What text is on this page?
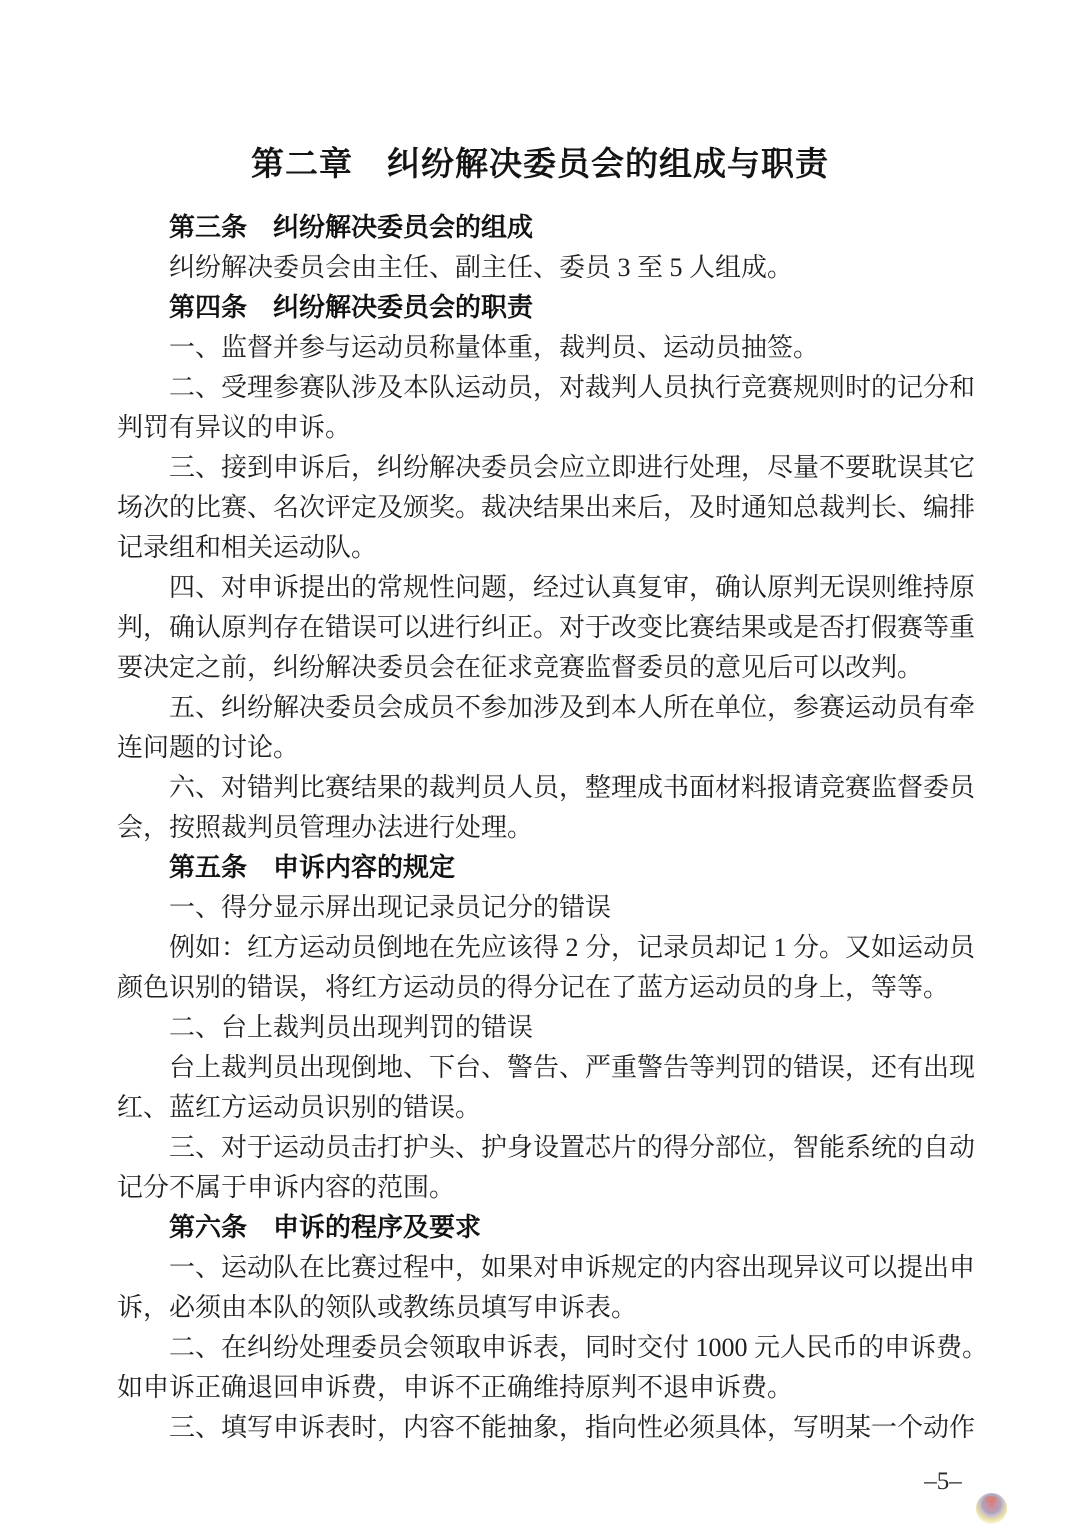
第二章　纠纷解决委员会的组成与职责
第三条　纠纷解决委员会的组成
纠纷解决委员会由主任、副主任、委员 3 至 5 人组成。
第四条　纠纷解决委员会的职责
一、监督并参与运动员称量体重，裁判员、运动员抽签。
二、受理参赛队涉及本队运动员，对裁判人员执行竞赛规则时的记分和
判罚有异议的申诉。
三、接到申诉后，纠纷解决委员会应立即进行处理，尽量不要耽误其它
场次的比赛、名次评定及颁奖。裁决结果出来后，及时通知总裁判长、编排
记录组和相关运动队。
四、对申诉提出的常规性问题，经过认真复审，确认原判无误则维持原
判，确认原判存在错误可以进行纠正。对于改变比赛结果或是否打假赛等重
要决定之前，纠纷解决委员会在征求竞赛监督委员的意见后可以改判。
五、纠纷解决委员会成员不参加涉及到本人所在单位，参赛运动员有牵
连问题的讨论。
六、对错判比赛结果的裁判员人员，整理成书面材料报请竞赛监督委员
会，按照裁判员管理办法进行处理。
第五条　申诉内容的规定
一、得分显示屏出现记录员记分的错误
例如：红方运动员倒地在先应该得 2 分，记录员却记 1 分。又如运动员
颜色识别的错误，将红方运动员的得分记在了蓝方运动员的身上，等等。
二、台上裁判员出现判罚的错误
台上裁判员出现倒地、下台、警告、严重警告等判罚的错误，还有出现
红、蓝红方运动员识别的错误。
三、对于运动员击打护头、护身设置芯片的得分部位，智能系统的自动
记分不属于申诉内容的范围。
第六条　申诉的程序及要求
一、运动队在比赛过程中，如果对申诉规定的内容出现异议可以提出申
诉，必须由本队的领队或教练员填写申诉表。
二、在纠纷处理委员会领取申诉表，同时交付 1000 元人民币的申诉费。
如申诉正确退回申诉费，申诉不正确维持原判不退申诉费。
三、填写申诉表时，内容不能抽象，指向性必须具体，写明某一个动作
–5–
